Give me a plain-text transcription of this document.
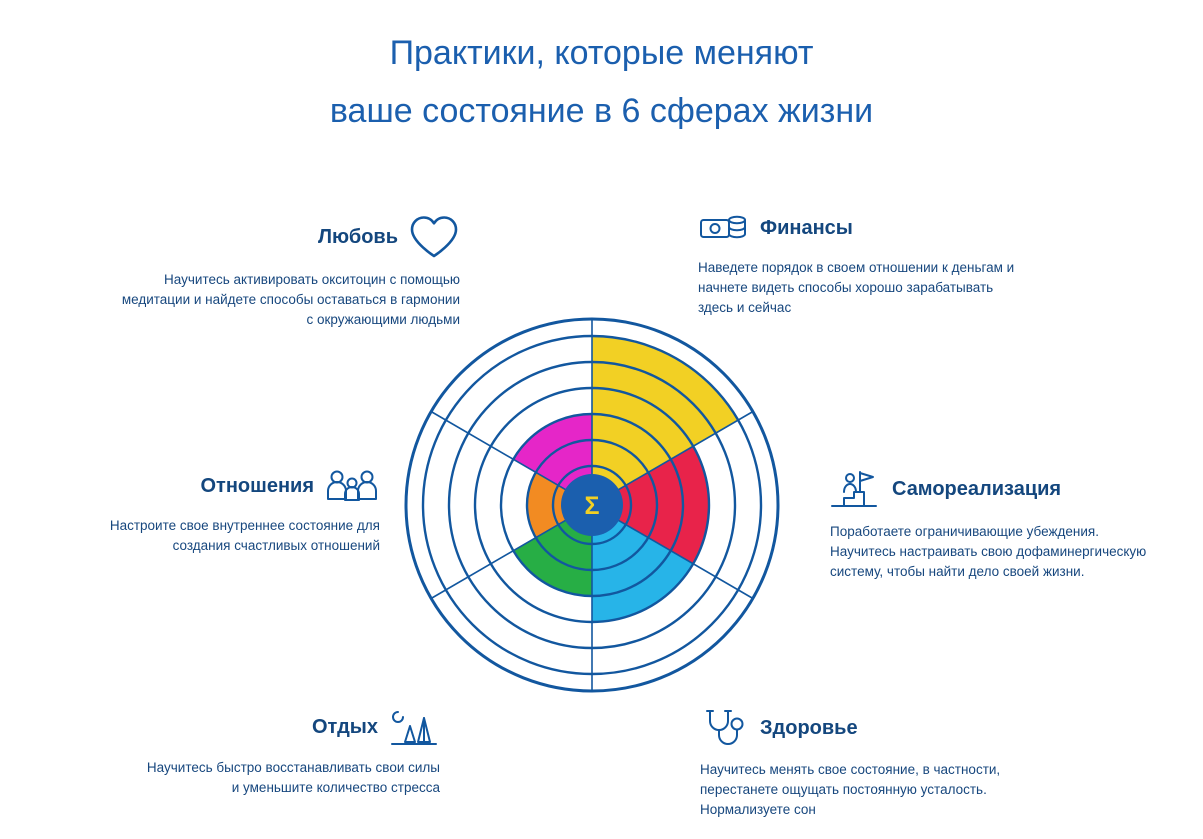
Практики, которые меняют
ваше состояние в 6 сферах жизни
Σ
Любовь

Научитесь активировать окситоцин с помощью медитации и найдете способы оставаться в гармонии с окружающими людьми

Отношения

Настроите свое внутреннее состояние для создания счастливых отношений

Отдых

Научитесь быстро восстанавливать свои силы и уменьшите количество стресса

Финансы

Наведете порядок в своем отношении к деньгам и начнете видеть способы хорошо зарабатывать здесь и сейчас

Самореализация

Поработаете ограничивающие убеждения. Научитесь настраивать свою дофаминергическую систему, чтобы найти дело своей жизни.

Здоровье

Научитесь менять свое состояние, в частности, перестанете ощущать постоянную усталость. Нормализуете сон
